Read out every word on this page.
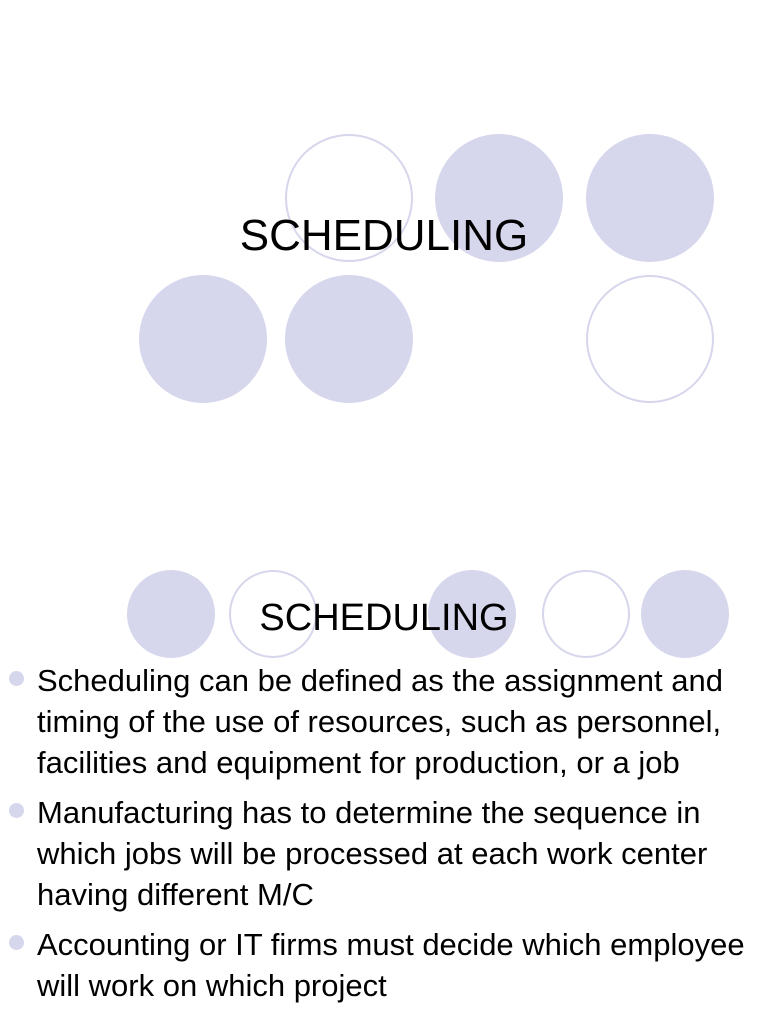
SCHEDULING
SCHEDULING
Scheduling can be defined as the assignment and timing of the use of resources, such as personnel, facilities and equipment for production, or a job
Manufacturing has to determine the sequence in which jobs will be processed at each work center having different M/C
Accounting or IT firms must decide which employee will work on which project
